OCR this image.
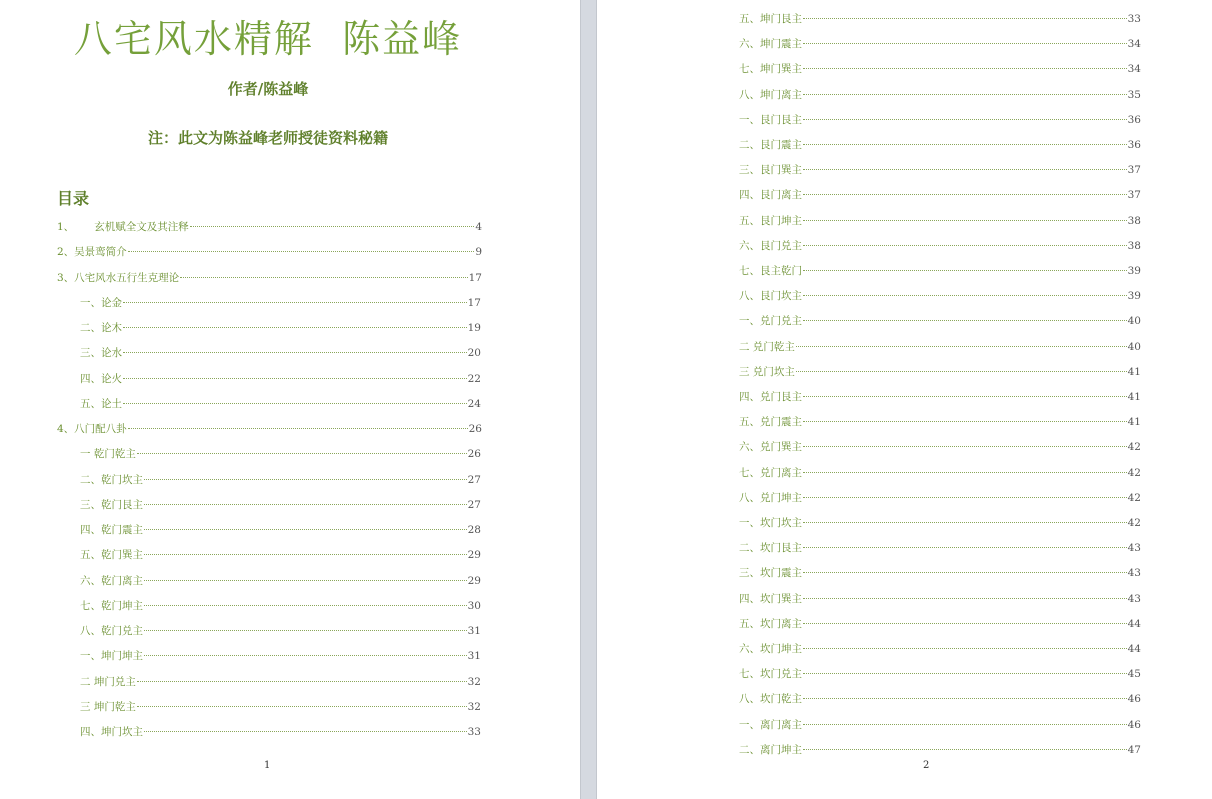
八宅风水精解  陈益峰
作者/陈益峰
注：此文为陈益峰老师授徒资料秘籍
目录
1、      玄机赋全文及其注释	4
2、吴景鸾简介	9
3、八宅风水五行生克理论	17
一、论金	17
二、论木	19
三、论水	20
四、论火	22
五、论土	24
4、八门配八卦	26
一 乾门乾主	26
二、乾门坎主	27
三、乾门艮主	27
四、乾门震主	28
五、乾门巽主	29
六、乾门离主	29
七、乾门坤主	30
八、乾门兑主	31
一、坤门坤主	31
二 坤门兑主	32
三 坤门乾主	32
四、坤门坎主	33
1
五、坤门艮主	33
六、坤门震主	34
七、坤门巽主	34
八、坤门离主	35
一、艮门艮主	36
二、艮门震主	36
三、艮门巽主	37
四、艮门离主	37
五、艮门坤主	38
六、艮门兑主	38
七、艮主乾门	39
八、艮门坎主	39
一、兑门兑主	40
二 兑门乾主	40
三 兑门坎主	41
四、兑门艮主	41
五、兑门震主	41
六、兑门巽主	42
七、兑门离主	42
八、兑门坤主	42
一、坎门坎主	42
二、坎门艮主	43
三、坎门震主	43
四、坎门巽主	43
五、坎门离主	44
六、坎门坤主	44
七、坎门兑主	45
八、坎门乾主	46
一、离门离主	46
二、离门坤主	47
2
